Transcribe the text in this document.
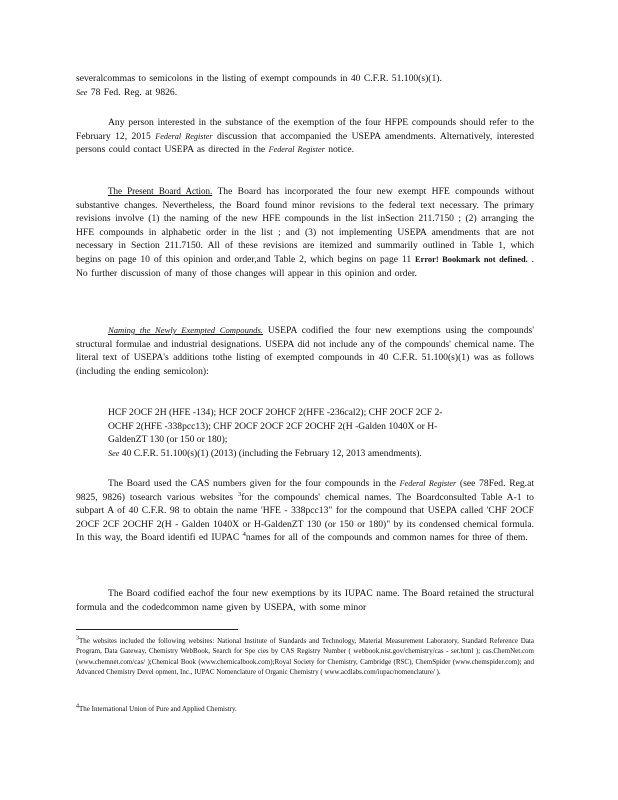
severalcommas to semicolons in the listing of exempt compounds in 40 C.F.R. 51.100(s)(1).
See 78 Fed. Reg. at 9826.
Any person interested in the substance of the exemption of the four HFPE compounds should refer to the February 12, 2015 Federal Register discussion that accompanied the USEPA amendments. Alternatively, interested persons could contact USEPA as directed in the Federal Register notice.
The Present Board Action. The Board has incorporated the four new exempt HFE compounds without substantive changes. Nevertheless, the Board found minor revisions to the federal text necessary. The primary revisions involve (1) the naming of the new HFE compounds in the list inSection 211.7150 ; (2) arranging the HFE compounds in alphabetic order in the list ; and (3) not implementing USEPA amendments that are not necessary in Section 211.7150. All of these revisions are itemized and summarily outlined in Table 1, which begins on page 10 of this opinion and order,and Table 2, which begins on page 11 Error! Bookmark not defined. . No further discussion of many of those changes will appear in this opinion and order.
Naming the Newly Exempted Compounds. USEPA codified the four new exemptions using the compounds' structural formulae and industrial designations. USEPA did not include any of the compounds' chemical name. The literal text of USEPA's additions tothe listing of exempted compounds in 40 C.F.R. 51.100(s)(1) was as follows (including the ending semicolon):
HCF 2OCF 2H (HFE -134); HCF 2OCF 2OHCF 2(HFE -236cal2); CHF 2OCF 2CF 2-
OCHF 2(HFE -338pcc13); CHF 2OCF 2OCF 2CF 2OCHF 2(H -Galden 1040X or H-
GaldenZT 130 (or 150 or 180);
See 40 C.F.R. 51.100(s)(1) (2013) (including the February 12, 2013 amendments).
The Board used the CAS numbers given for the four compounds in the Federal Register (see 78Fed. Reg.at 9825, 9826) tosearch various websites $^3$for the compounds' chemical names. The Boardconsulted Table A-1 to subpart A of 40 C.F.R. 98 to obtain the name 'HFE - 338pcc13" for the compound that USEPA called 'CHF 2OCF 2OCF 2CF 2OCHF 2(H - Galden 1040X or H-GaldenZT 130 (or 150 or 180)" by its condensed chemical formula. In this way, the Board identifi ed IUPAC $^4$names for all of the compounds and common names for three of them.
The Board codified eachof the four new exemptions by its IUPAC name. The Board retained the structural formula and the codedcommon name given by USEPA, with some minor
3The websites included the following websites: National Institute of Standards and Technology, Material Measurement Laboratory, Standard Reference Data Program, Data Gateway, Chemistry WebBook, Search for Spe cies by CAS Registry Number ( webbook.nist.gov/chemistry/cas - ser.html ); cas.ChemNet.com (www.chemnet.com/cas/ );Chemical Book (www.chemicalbook.com);Royal Society for Chemistry, Cambridge (RSC), ChemSpider (www.chemspider.com); and Advanced Chemistry Devel opment, Inc., IUPAC Nomenclature of Organic Chemistry ( www.acdlabs.com/iupac/nomenclature/ ).
4The International Union of Pure and Applied Chemistry.
